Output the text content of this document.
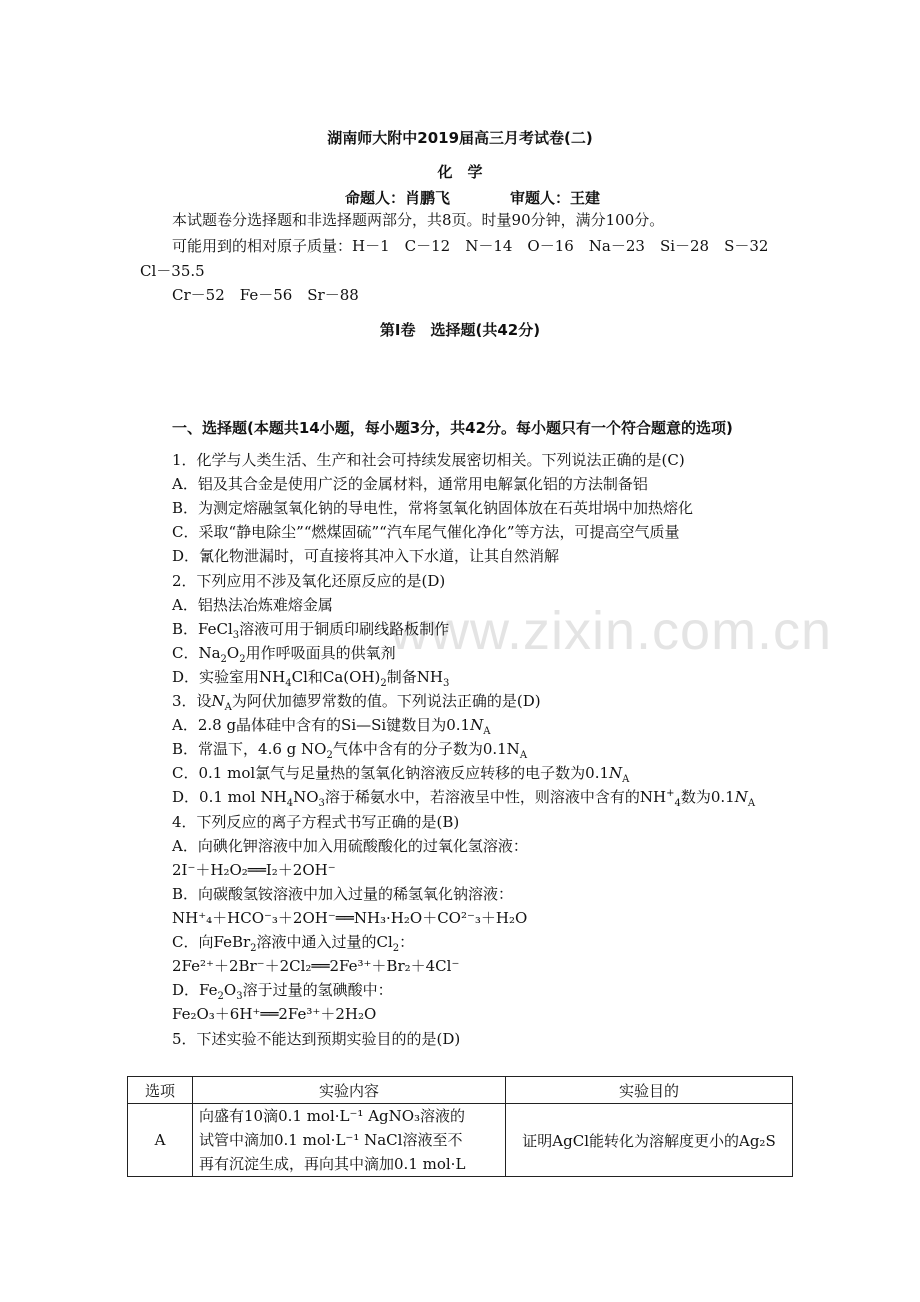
www.zixin.com.cn
湖南师大附中2019届高三月考试卷(二)
化　学
命题人：肖鹏飞	审题人：王建
本试题卷分选择题和非选择题两部分，共8页。时量90分钟，满分100分。
可能用到的相对原子质量：H－1　C－12　N－14　O－16　Na－23　Si－28　S－32
Cl－35.5
Cr－52　Fe－56　Sr－88
第Ⅰ卷　选择题(共42分)
一、选择题(本题共14小题，每小题3分，共42分。每小题只有一个符合题意的选项)
1．化学与人类生活、生产和社会可持续发展密切相关。下列说法正确的是(C)
A．铝及其合金是使用广泛的金属材料，通常用电解氯化铝的方法制备铝
B．为测定熔融氢氧化钠的导电性，常将氢氧化钠固体放在石英坩埚中加热熔化
C．采取“静电除尘”“燃煤固硫”“汽车尾气催化净化”等方法，可提高空气质量
D．氰化物泄漏时，可直接将其冲入下水道，让其自然消解
2．下列应用不涉及氧化还原反应的是(D)
A．铝热法冶炼难熔金属
B．FeCl$_3$溶液可用于铜质印刷线路板制作
C．$Na_2O_2$用作呼吸面具的供氧剂
D．实验室用$NH_4Cl$和$Ca(OH)_2$制备$NH_3$
3．设$N_A$为阿伏加德罗常数的值。下列说法正确的是(D)
A．2.8 g晶体硅中含有的Si—Si键数目为$0.1N_A$
B．常温下，4.6 g $NO_2$气体中含有的分子数为$0.1N_A$
C．0.1 mol氯气与足量热的氢氧化钠溶液反应转移的电子数为$0.1N_A$
D．0.1 mol $NH_4NO_3$溶于稀氨水中，若溶液呈中性，则溶液中含有的$NH^+_4$数为$0.1N_A$
4．下列反应的离子方程式书写正确的是(B)
A．向碘化钾溶液中加入用硫酸酸化的过氧化氢溶液：
2I⁻＋H₂O₂══I₂＋2OH⁻
B．向碳酸氢铵溶液中加入过量的稀氢氧化钠溶液：
NH⁺₄＋HCO⁻₃＋2OH⁻══NH₃·H₂O＋CO²⁻₃＋H₂O
C．向FeBr$_2$溶液中通入过量的$Cl_2$：
2Fe²⁺＋2Br⁻＋2Cl₂══2Fe³⁺＋Br₂＋4Cl⁻
D．$Fe_2O_3$溶于过量的氢碘酸中：
Fe₂O₃＋6H⁺══2Fe³⁺＋2H₂O
5．下述实验不能达到预期实验目的的是(D)
选项	实验内容	实验目的
A	向盛有10滴0.1 mol·L⁻¹ AgNO₃溶液的
试管中滴加0.1 mol·L⁻¹ NaCl溶液至不
再有沉淀生成，再向其中滴加0.1 mol·L	证明AgCl能转化为溶解度更小的Ag₂S
